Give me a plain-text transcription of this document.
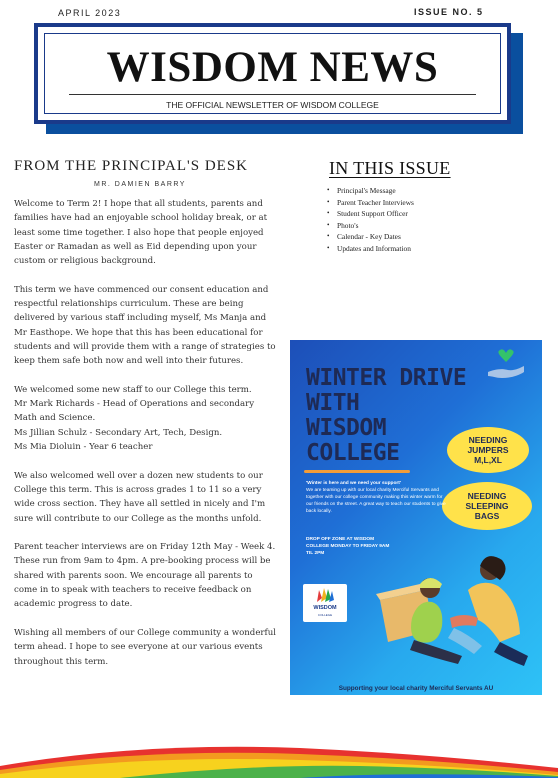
APRIL 2023	ISSUE NO. 5
WISDOM NEWS
THE OFFICIAL NEWSLETTER OF WISDOM COLLEGE
FROM THE PRINCIPAL'S DESK
MR. DAMIEN BARRY

Welcome to Term 2! I hope that all students, parents and families have had an enjoyable school holiday break, or at least some time together. I also hope that people enjoyed Easter or Ramadan as well as Eid depending upon your custom or religious background.

This term we have commenced our consent education and respectful relationships curriculum. These are being delivered by various staff including myself, Ms Manja and Mr Easthope. We hope that this has been educational for students and will provide them with a range of strategies to keep them safe both now and well into their futures.

We welcomed some new staff to our College this term.
Mr Mark Richards - Head of Operations and secondary Math and Science.
Ms Jillian Schulz - Secondary Art, Tech, Design.
Ms Mia Dioluin - Year 6 teacher

We also welcomed well over a dozen new students to our College this term. This is across grades 1 to 11 so a very wide cross section. They have all settled in nicely and I'm sure will contribute to our College as the months unfold.

Parent teacher interviews are on Friday 12th May - Week 4. These run from 9am to 4pm. A pre-booking process will be shared with parents soon. We encourage all parents to come in to speak with teachers to receive feedback on academic progress to date.

Wishing all members of our College community a wonderful term ahead. I hope to see everyone at our various events throughout this term.

IN THIS ISSUE
• Principal's Message
• Parent Teacher Interviews
• Student Support Officer
• Photo's
• Calendar - Key Dates
• Updates and Information
WINTER DRIVE
WITH
WISDOM
COLLEGE	NEEDING
JUMPERS
M,L,XL
NEEDING
SLEEPING
BAGS
'Winter is here and we need your support'
We are teaming up with our local charity Merciful Servants and together with our college community making this winter warm for our friends on the street. A great way to teach our students to give back locally.
DROP OFF ZONE AT WISDOM COLLEGE MONDAY TO FRIDAY 9AM TIL 2PM
WISDOM
COLLEGE
Supporting your local charity Merciful Servants AU
